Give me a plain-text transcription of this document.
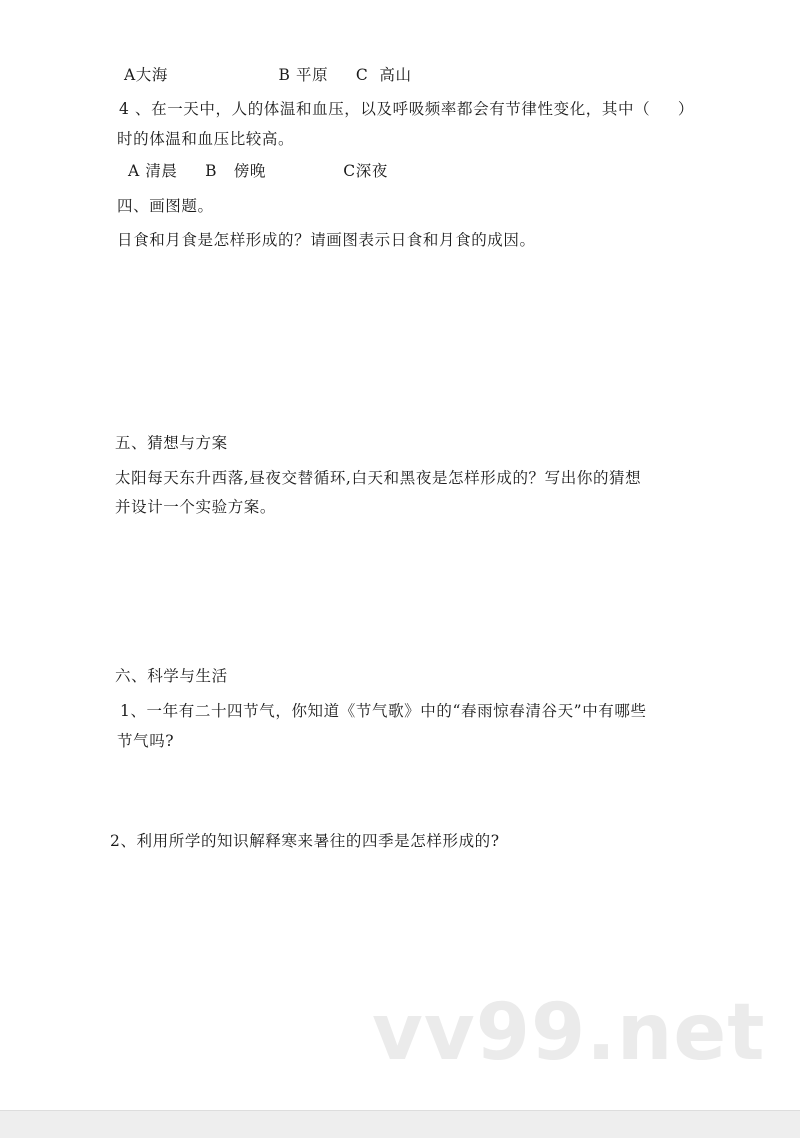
A大海                    B 平原     C  高山
4 、在一天中，人的体温和血压，以及呼吸频率都会有节律性变化，其中（     ）
时的体温和血压比较高。
A 清晨     B   傍晚              C深夜
四、画图题。
日食和月食是怎样形成的？请画图表示日食和月食的成因。
五、猜想与方案
太阳每天东升西落,昼夜交替循环,白天和黑夜是怎样形成的？写出你的猜想
并设计一个实验方案。
六、科学与生活
1、一年有二十四节气，你知道《节气歌》中的“春雨惊春清谷天”中有哪些
节气吗?
2、利用所学的知识解释寒来暑往的四季是怎样形成的?
vv99.net
